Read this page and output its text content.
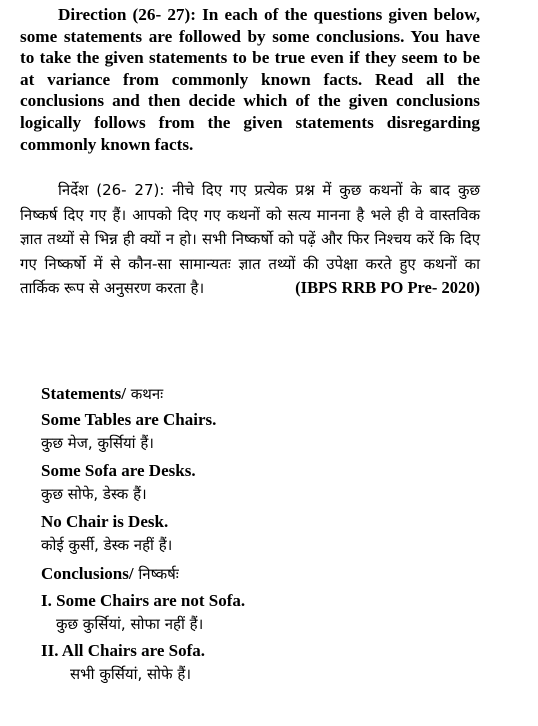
Direction (26- 27): In each of the questions given below, some statements are followed by some conclusions. You have to take the given statements to be true even if they seem to be at variance from commonly known facts. Read all the conclusions and then decide which of the given conclusions logically follows from the given statements disregarding commonly known facts.

निर्देश (26- 27): नीचे दिए गए प्रत्येक प्रश्न में कुछ कथनों के बाद कुछ निष्कर्ष दिए गए हैं। आपको दिए गए कथनों को सत्य मानना है भले ही वे वास्तविक ज्ञात तथ्यों से भिन्न ही क्यों न हो। सभी निष्कर्षो को पढ़ें और फिर निश्चय करें कि दिए गए निष्कर्षो में से कौन-सा सामान्यतः ज्ञात तथ्यों की उपेक्षा करते हुए कथनों का तार्किक रूप से अनुसरण करता है।	(IBPS RRB PO Pre- 2020)

Statements/ कथनः
Some Tables are Chairs.
कुछ मेज, कुर्सियां हैं।
Some Sofa are Desks.
कुछ सोफे, डेस्क हैं।
No Chair is Desk.
कोई कुर्सी, डेस्क नहीं हैं।
Conclusions/ निष्कर्षः
I. Some Chairs are not Sofa.
कुछ कुर्सियां, सोफा नहीं हैं।
II. All Chairs are Sofa.
सभी कुर्सियां, सोफे हैं।
